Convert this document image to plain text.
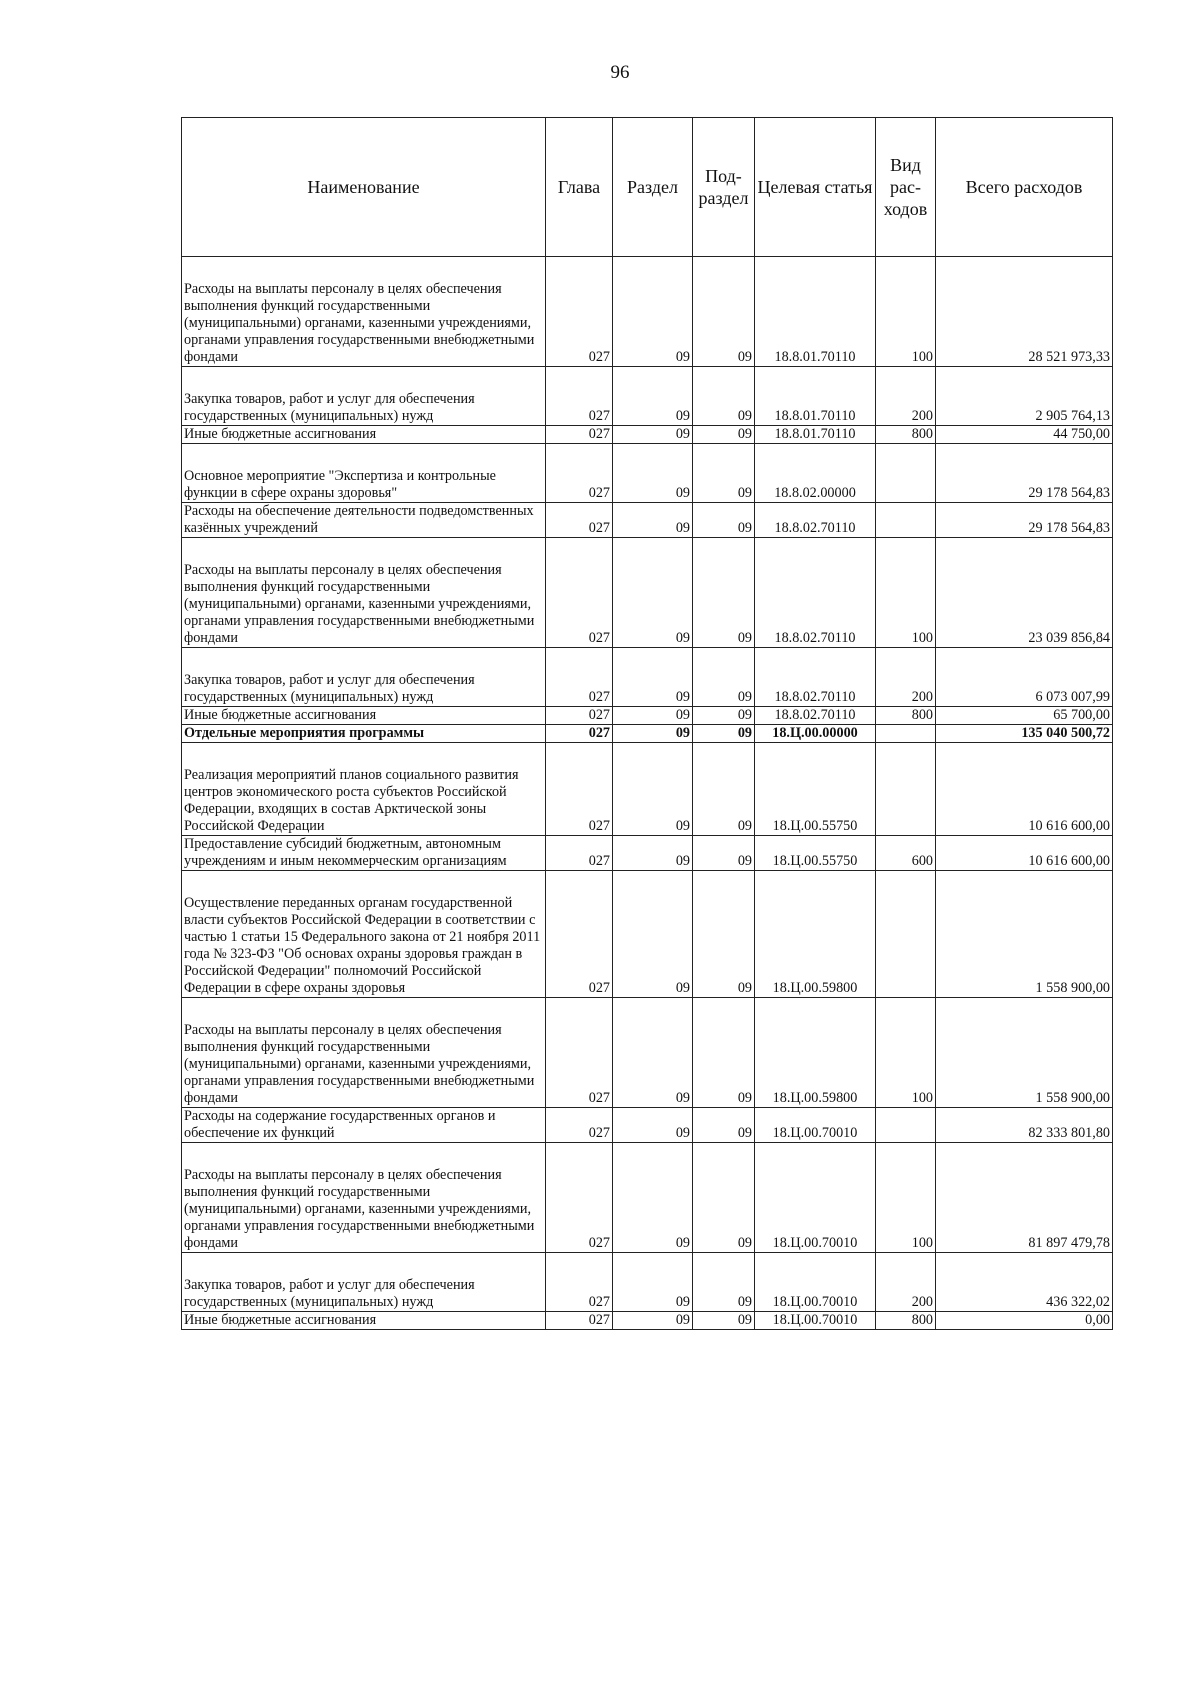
96
Наименование	Глава	Раздел	Под-раздел	Целевая статья	Вид рас-ходов	Всего расходов

Расходы на выплаты персоналу в целях обеспечения выполнения функций государственными (муниципальными) органами, казенными учреждениями, органами управления государственными внебюджетными фондами	027	09	09	18.8.01.70110	100	28 521 973,33

Закупка товаров, работ и услуг для обеспечения государственных (муниципальных) нужд	027	09	09	18.8.01.70110	200	2 905 764,13
Иные бюджетные ассигнования	027	09	09	18.8.01.70110	800	44 750,00

Основное мероприятие "Экспертиза и контрольные функции в сфере охраны здоровья"	027	09	09	18.8.02.00000		29 178 564,83
Расходы на обеспечение деятельности подведомственных казённых учреждений	027	09	09	18.8.02.70110		29 178 564,83

Расходы на выплаты персоналу в целях обеспечения выполнения функций государственными (муниципальными) органами, казенными учреждениями, органами управления государственными внебюджетными фондами	027	09	09	18.8.02.70110	100	23 039 856,84

Закупка товаров, работ и услуг для обеспечения государственных (муниципальных) нужд	027	09	09	18.8.02.70110	200	6 073 007,99
Иные бюджетные ассигнования	027	09	09	18.8.02.70110	800	65 700,00
Отдельные мероприятия программы	027	09	09	18.Ц.00.00000		135 040 500,72

Реализация мероприятий планов социального развития центров экономического роста субъектов Российской Федерации, входящих в состав Арктической зоны Российской Федерации	027	09	09	18.Ц.00.55750		10 616 600,00
Предоставление субсидий бюджетным, автономным учреждениям и иным некоммерческим организациям	027	09	09	18.Ц.00.55750	600	10 616 600,00

Осуществление переданных органам государственной власти субъектов Российской Федерации в соответствии с частью 1 статьи 15 Федерального закона от 21 ноября 2011 года № 323-ФЗ "Об основах охраны здоровья граждан в Российской Федерации" полномочий Российской Федерации в сфере охраны здоровья	027	09	09	18.Ц.00.59800		1 558 900,00

Расходы на выплаты персоналу в целях обеспечения выполнения функций государственными (муниципальными) органами, казенными учреждениями, органами управления государственными внебюджетными фондами	027	09	09	18.Ц.00.59800	100	1 558 900,00
Расходы на содержание государственных органов и обеспечение их функций	027	09	09	18.Ц.00.70010		82 333 801,80

Расходы на выплаты персоналу в целях обеспечения выполнения функций государственными (муниципальными) органами, казенными учреждениями, органами управления государственными внебюджетными фондами	027	09	09	18.Ц.00.70010	100	81 897 479,78

Закупка товаров, работ и услуг для обеспечения государственных (муниципальных) нужд	027	09	09	18.Ц.00.70010	200	436 322,02
Иные бюджетные ассигнования	027	09	09	18.Ц.00.70010	800	0,00
